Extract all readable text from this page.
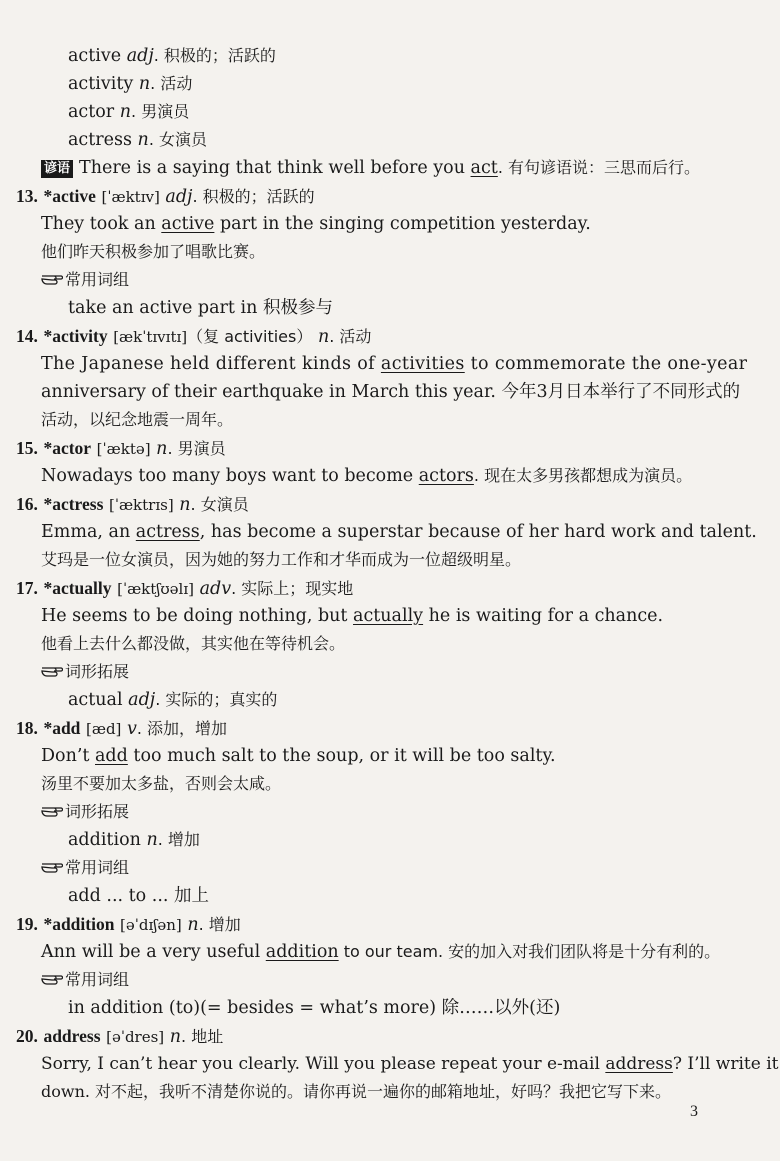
active adj. 积极的；活跃的
activity n. 活动
actor n. 男演员
actress n. 女演员
谚语 There is a saying that think well before you act. 有句谚语说：三思而后行。
13. *active [ˈæktɪv] adj. 积极的；活跃的
They took an active part in the singing competition yesterday.
他们昨天积极参加了唱歌比赛。
常用词组
take an active part in 积极参与
14. *activity [ækˈtɪvɪtɪ]（复 activities） n. 活动
The Japanese held different kinds of activities to commemorate the one-year
anniversary of their earthquake in March this year. 今年3月日本举行了不同形式的
活动，以纪念地震一周年。
15. *actor [ˈæktə] n. 男演员
Nowadays too many boys want to become actors. 现在太多男孩都想成为演员。
16. *actress [ˈæktrɪs] n. 女演员
Emma, an actress, has become a superstar because of her hard work and talent.
艾玛是一位女演员，因为她的努力工作和才华而成为一位超级明星。
17. *actually [ˈæktʃʊəlɪ] adv. 实际上；现实地
He seems to be doing nothing, but actually he is waiting for a chance.
他看上去什么都没做，其实他在等待机会。
词形拓展
actual adj. 实际的；真实的
18. *add [æd] v. 添加，增加
Don’t add too much salt to the soup, or it will be too salty.
汤里不要加太多盐，否则会太咸。
词形拓展
addition n. 增加
常用词组
add ... to ... 加上
19. *addition [əˈdɪʃən] n. 增加
Ann will be a very useful addition to our team. 安的加入对我们团队将是十分有利的。
常用词组
in addition (to)(= besides = what’s more) 除……以外(还)
20. address [əˈdres] n. 地址
Sorry, I can’t hear you clearly. Will you please repeat your e-mail address? I’ll write it
down. 对不起，我听不清楚你说的。请你再说一遍你的邮箱地址，好吗？我把它写下来。
3
